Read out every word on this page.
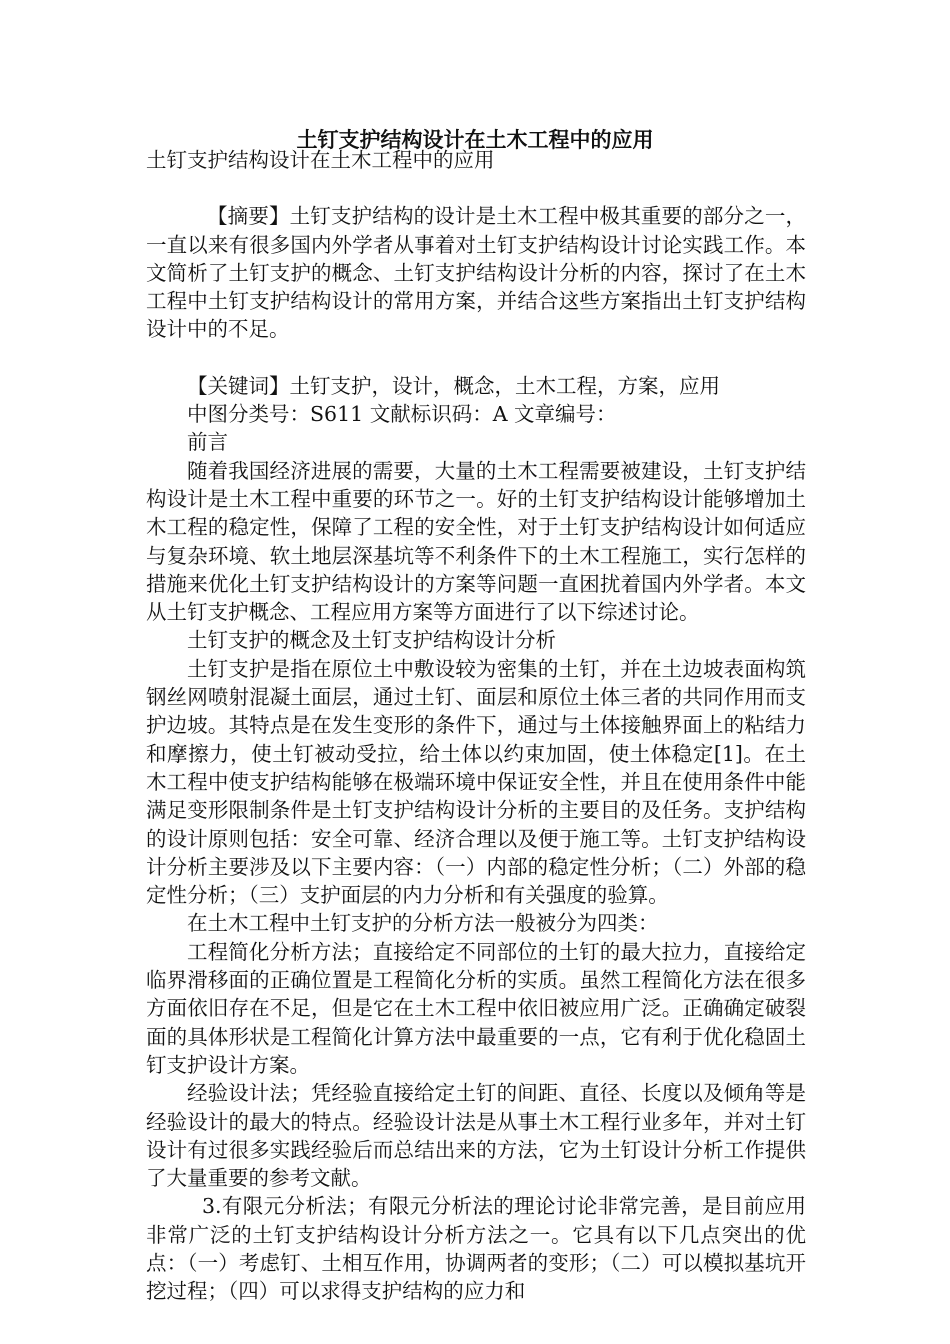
土钉支护结构设计在土木工程中的应用

土钉支护结构设计在土木工程中的应用

【摘要】土钉支护结构的设计是土木工程中极其重要的部分之一，一直以来有很多国内外学者从事着对土钉支护结构设计讨论实践工作。本文简析了土钉支护的概念、土钉支护结构设计分析的内容，探讨了在土木工程中土钉支护结构设计的常用方案，并结合这些方案指出土钉支护结构设计中的不足。

【关键词】土钉支护，设计，概念，土木工程，方案，应用

中图分类号：S611 文献标识码：A 文章编号：

前言

随着我国经济进展的需要，大量的土木工程需要被建设，土钉支护结构设计是土木工程中重要的环节之一。好的土钉支护结构设计能够增加土木工程的稳定性，保障了工程的安全性，对于土钉支护结构设计如何适应与复杂环境、软土地层深基坑等不利条件下的土木工程施工，实行怎样的措施来优化土钉支护结构设计的方案等问题一直困扰着国内外学者。本文从土钉支护概念、工程应用方案等方面进行了以下综述讨论。

土钉支护的概念及土钉支护结构设计分析

土钉支护是指在原位土中敷设较为密集的土钉，并在土边坡表面构筑钢丝网喷射混凝土面层，通过土钉、面层和原位土体三者的共同作用而支护边坡。其特点是在发生变形的条件下，通过与土体接触界面上的粘结力和摩擦力，使土钉被动受拉，给土体以约束加固，使土体稳定[1]。在土木工程中使支护结构能够在极端环境中保证安全性，并且在使用条件中能满足变形限制条件是土钉支护结构设计分析的主要目的及任务。支护结构的设计原则包括：安全可靠、经济合理以及便于施工等。土钉支护结构设计分析主要涉及以下主要内容：（一）内部的稳定性分析；（二）外部的稳定性分析；（三）支护面层的内力分析和有关强度的验算。

在土木工程中土钉支护的分析方法一般被分为四类：

工程简化分析方法；直接给定不同部位的土钉的最大拉力，直接给定临界滑移面的正确位置是工程简化分析的实质。虽然工程简化方法在很多方面依旧存在不足，但是它在土木工程中依旧被应用广泛。正确确定破裂面的具体形状是工程简化计算方法中最重要的一点，它有利于优化稳固土钉支护设计方案。

经验设计法；凭经验直接给定土钉的间距、直径、长度以及倾角等是经验设计的最大的特点。经验设计法是从事土木工程行业多年，并对土钉设计有过很多实践经验后而总结出来的方法，它为土钉设计分析工作提供了大量重要的参考文献。

3.有限元分析法；有限元分析法的理论讨论非常完善，是目前应用非常广泛的土钉支护结构设计分析方法之一。它具有以下几点突出的优点：（一）考虑钉、土相互作用，协调两者的变形；（二）可以模拟基坑开挖过程；（四）可以求得支护结构的应力和
